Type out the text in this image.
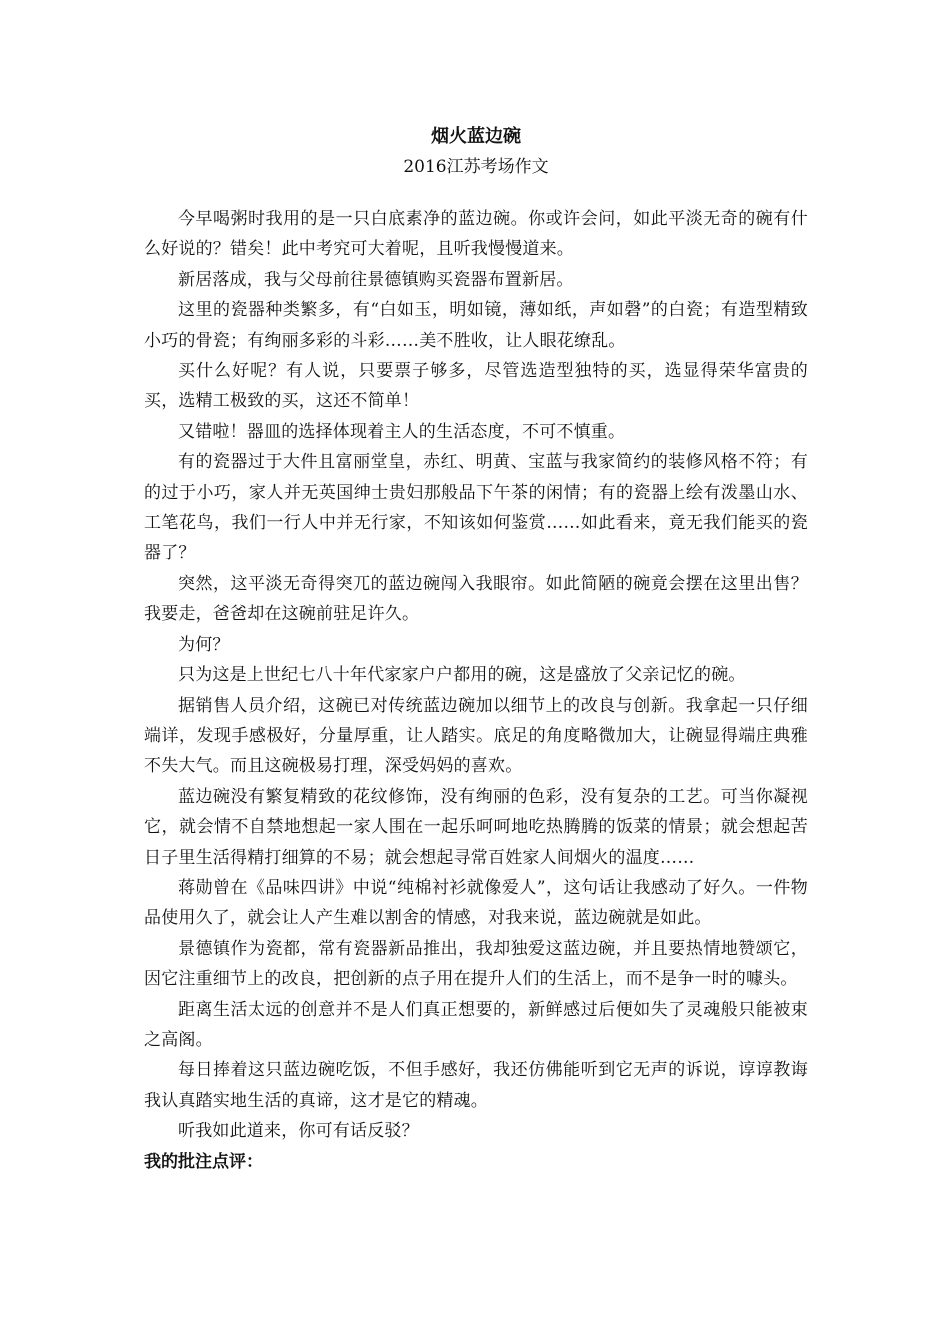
烟火蓝边碗
2016江苏考场作文

今早喝粥时我用的是一只白底素净的蓝边碗。你或许会问，如此平淡无奇的碗有什么好说的？错矣！此中考究可大着呢，且听我慢慢道来。

新居落成，我与父母前往景德镇购买瓷器布置新居。

这里的瓷器种类繁多，有“白如玉，明如镜，薄如纸，声如磬”的白瓷；有造型精致小巧的骨瓷；有绚丽多彩的斗彩……美不胜收，让人眼花缭乱。

买什么好呢？有人说，只要票子够多，尽管选造型独特的买，选显得荣华富贵的买，选精工极致的买，这还不简单！

又错啦！器皿的选择体现着主人的生活态度，不可不慎重。

有的瓷器过于大件且富丽堂皇，赤红、明黄、宝蓝与我家简约的装修风格不符；有的过于小巧，家人并无英国绅士贵妇那般品下午茶的闲情；有的瓷器上绘有泼墨山水、工笔花鸟，我们一行人中并无行家，不知该如何鉴赏……如此看来，竟无我们能买的瓷器了？

突然，这平淡无奇得突兀的蓝边碗闯入我眼帘。如此简陋的碗竟会摆在这里出售？我要走，爸爸却在这碗前驻足许久。

为何？

只为这是上世纪七八十年代家家户户都用的碗，这是盛放了父亲记忆的碗。

据销售人员介绍，这碗已对传统蓝边碗加以细节上的改良与创新。我拿起一只仔细端详，发现手感极好，分量厚重，让人踏实。底足的角度略微加大，让碗显得端庄典雅不失大气。而且这碗极易打理，深受妈妈的喜欢。

蓝边碗没有繁复精致的花纹修饰，没有绚丽的色彩，没有复杂的工艺。可当你凝视它，就会情不自禁地想起一家人围在一起乐呵呵地吃热腾腾的饭菜的情景；就会想起苦日子里生活得精打细算的不易；就会想起寻常百姓家人间烟火的温度……

蒋勋曾在《品味四讲》中说“纯棉衬衫就像爱人”，这句话让我感动了好久。一件物品使用久了，就会让人产生难以割舍的情感，对我来说，蓝边碗就是如此。

景德镇作为瓷都，常有瓷器新品推出，我却独爱这蓝边碗，并且要热情地赞颂它，因它注重细节上的改良，把创新的点子用在提升人们的生活上，而不是争一时的噱头。

距离生活太远的创意并不是人们真正想要的，新鲜感过后便如失了灵魂般只能被束之高阁。

每日捧着这只蓝边碗吃饭，不但手感好，我还仿佛能听到它无声的诉说，谆谆教诲我认真踏实地生活的真谛，这才是它的精魂。

听我如此道来，你可有话反驳？

我的批注点评：
